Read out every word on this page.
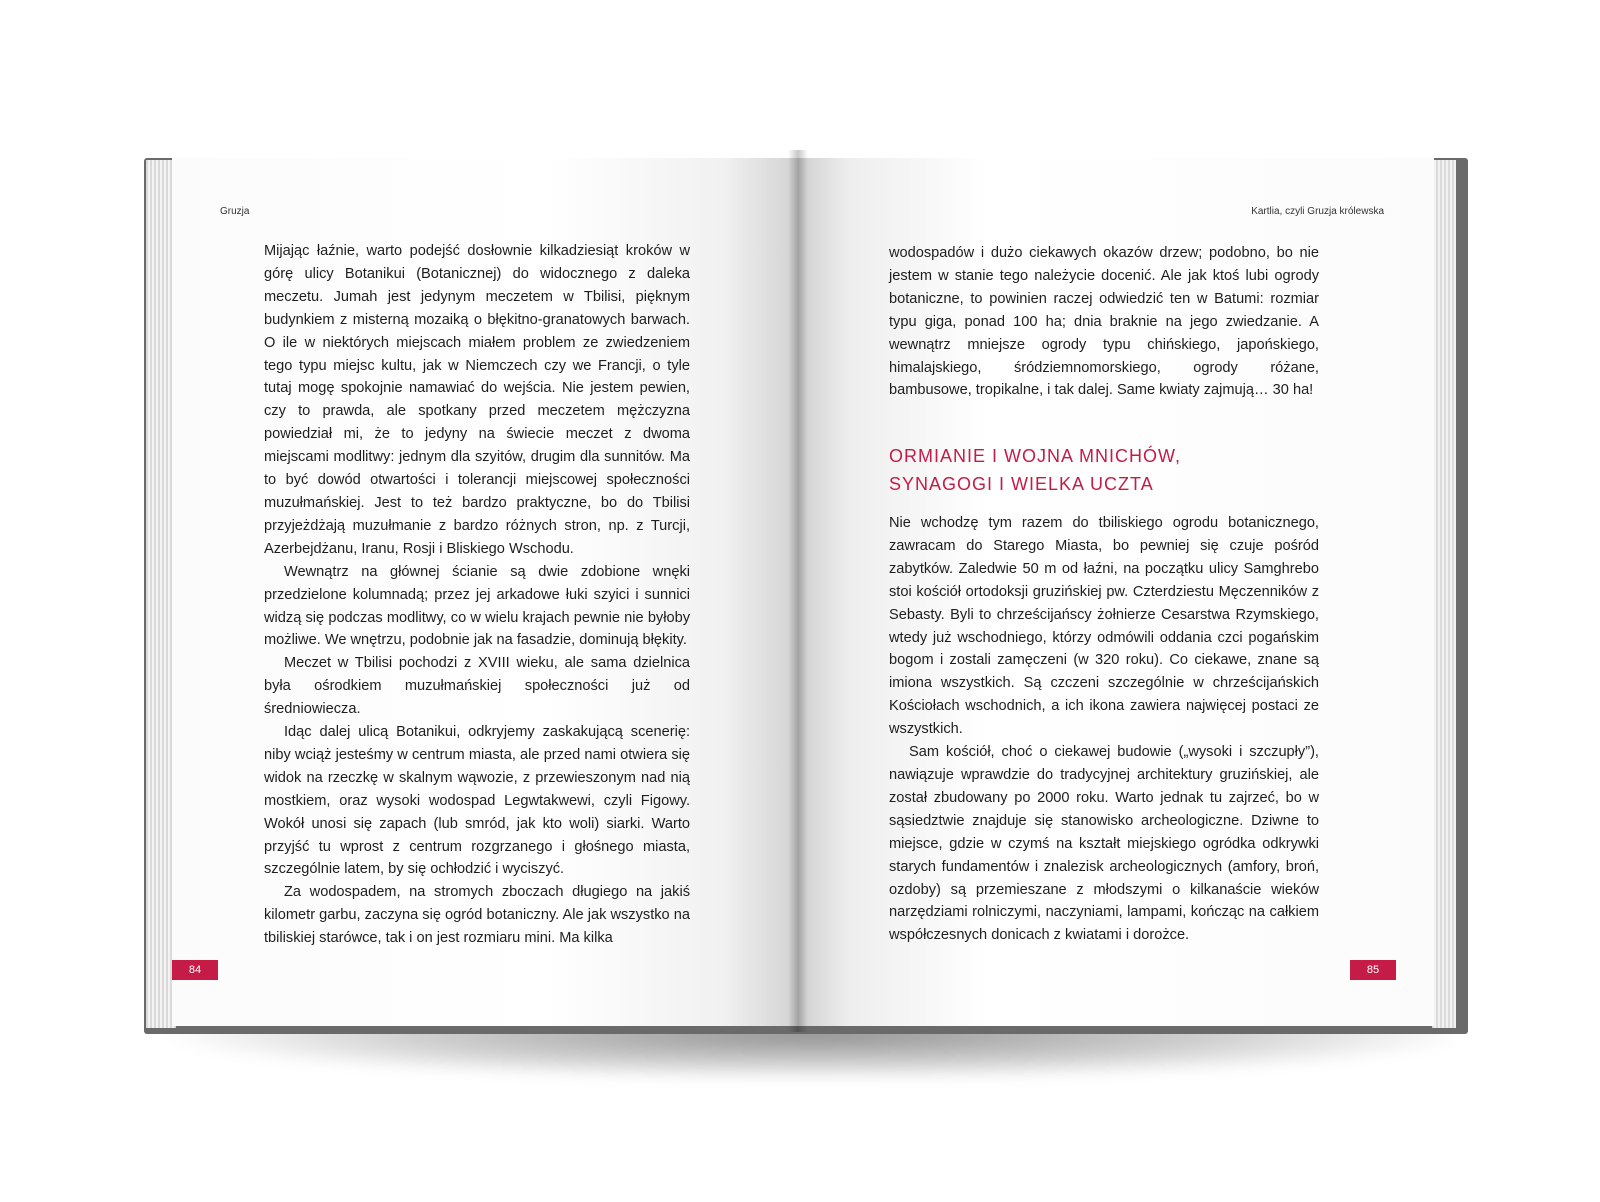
Gruzja

Mijając łaźnie, warto podejść dosłownie kilkadziesiąt kroków w górę ulicy Botanikui (Botanicznej) do widocznego z daleka meczetu. Jumah jest jedynym meczetem w Tbilisi, pięknym budynkiem z misterną mozaiką o błękitno-granatowych barwach. O ile w niektórych miejscach miałem problem ze zwiedzeniem tego typu miejsc kultu, jak w Niemczech czy we Francji, o tyle tutaj mogę spokojnie namawiać do wejścia. Nie jestem pewien, czy to prawda, ale spotkany przed meczetem mężczyzna powiedział mi, że to jedyny na świecie meczet z dwoma miejscami modlitwy: jednym dla szyitów, drugim dla sunnitów. Ma to być dowód otwartości i tolerancji miejscowej społeczności muzułmańskiej. Jest to też bardzo praktyczne, bo do Tbilisi przyjeżdżają muzułmanie z bardzo różnych stron, np. z Turcji, Azerbejdżanu, Iranu, Rosji i Bliskiego Wschodu.

Wewnątrz na głównej ścianie są dwie zdobione wnęki przedzielone kolumnadą; przez jej arkadowe łuki szyici i sunnici widzą się podczas modlitwy, co w wielu krajach pewnie nie byłoby możliwe. We wnętrzu, podobnie jak na fasadzie, dominują błękity.

Meczet w Tbilisi pochodzi z XVIII wieku, ale sama dzielnica była ośrodkiem muzułmańskiej społeczności już od średniowiecza.

Idąc dalej ulicą Botanikui, odkryjemy zaskakującą scenerię: niby wciąż jesteśmy w centrum miasta, ale przed nami otwiera się widok na rzeczkę w skalnym wąwozie, z przewieszonym nad nią mostkiem, oraz wysoki wodospad Legwtakwewi, czyli Figowy. Wokół unosi się zapach (lub smród, jak kto woli) siarki. Warto przyjść tu wprost z centrum rozgrzanego i głośnego miasta, szczególnie latem, by się ochłodzić i wyciszyć.

Za wodospadem, na stromych zboczach długiego na jakiś kilometr garbu, zaczyna się ogród botaniczny. Ale jak wszystko na tbiliskiej starówce, tak i on jest rozmiaru mini. Ma kilka

84
Kartlia, czyli Gruzja królewska

wodospadów i dużo ciekawych okazów drzew; podobno, bo nie jestem w stanie tego należycie docenić. Ale jak ktoś lubi ogrody botaniczne, to powinien raczej odwiedzić ten w Batumi: rozmiar typu giga, ponad 100 ha; dnia braknie na jego zwiedzanie. A wewnątrz mniejsze ogrody typu chińskiego, japońskiego, himalajskiego, śródziemnomorskiego, ogrody różane, bambusowe, tropikalne, i tak dalej. Same kwiaty zajmują… 30 ha!

ORMIANIE I WOJNA MNICHÓW,
SYNAGOGI I WIELKA UCZTA

Nie wchodzę tym razem do tbiliskiego ogrodu botanicznego, zawracam do Starego Miasta, bo pewniej się czuje pośród zabytków. Zaledwie 50 m od łaźni, na początku ulicy Samghrebo stoi kościół ortodoksji gruzińskiej pw. Czterdziestu Męczenników z Sebasty. Byli to chrześcijańscy żołnierze Cesarstwa Rzymskiego, wtedy już wschodniego, którzy odmówili oddania czci pogańskim bogom i zostali zamęczeni (w 320 roku). Co ciekawe, znane są imiona wszystkich. Są czczeni szczególnie w chrześcijańskich Kościołach wschodnich, a ich ikona zawiera najwięcej postaci ze wszystkich.

Sam kościół, choć o ciekawej budowie („wysoki i szczupły”), nawiązuje wprawdzie do tradycyjnej architektury gruzińskiej, ale został zbudowany po 2000 roku. Warto jednak tu zajrzeć, bo w sąsiedztwie znajduje się stanowisko archeologiczne. Dziwne to miejsce, gdzie w czymś na kształt miejskiego ogródka odkrywki starych fundamentów i znalezisk archeologicznych (amfory, broń, ozdoby) są przemieszane z młodszymi o kilkanaście wieków narzędziami rolniczymi, naczyniami, lampami, kończąc na całkiem współczesnych donicach z kwiatami i dorożce.

85
